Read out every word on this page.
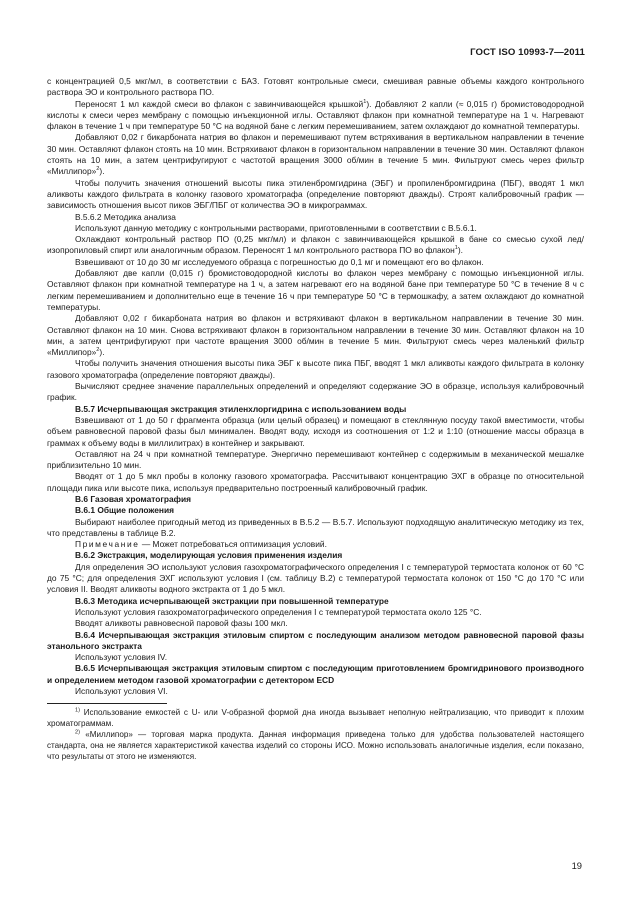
ГОСТ ISO 10993-7—2011

с концентрацией 0,5 мкг/мл, в соответствии с БАЗ. Готовят контрольные смеси, смешивая равные объемы каждого контрольного раствора ЭО и контрольного раствора ПО.

Переносят 1 мл каждой смеси во флакон с завинчивающейся крышкой$^1$). Добавляют 2 капли (≈ 0,015 г) бромистоводородной кислоты к смеси через мембрану с помощью инъекционной иглы. Оставляют флакон при комнатной температуре на 1 ч. Нагревают флакон в течение 1 ч при температуре 50 °С на водяной бане с легким перемешиванием, затем охлаждают до комнатной температуры.

Добавляют 0,02 г бикарбоната натрия во флакон и перемешивают путем встряхивания в вертикальном направлении в течение 30 мин. Оставляют флакон стоять на 10 мин. Встряхивают флакон в горизонтальном направлении в течение 30 мин. Оставляют флакон стоять на 10 мин, а затем центрифугируют с частотой вращения 3000 об/мин в течение 5 мин. Фильтруют смесь через фильтр «Миллипор»$^2$).

Чтобы получить значения отношений высоты пика этиленбромгидрина (ЭБГ) и пропиленбромгидрина (ПБГ), вводят 1 мкл аликвоты каждого фильтрата в колонку газового хроматографа (определение повторяют дважды). Строят калибровочный график — зависимость отношения высот пиков ЭБГ/ПБГ от количества ЭО в микрограммах.

В.5.6.2 Методика анализа

Используют данную методику с контрольными растворами, приготовленными в соответствии с В.5.6.1.

Охлаждают контрольный раствор ПО (0,25 мкг/мл) и флакон с завинчивающейся крышкой в бане со смесью сухой лед/изопропиловый спирт или аналогичным образом. Переносят 1 мл контрольного раствора ПО во флакон$^1$).

Взвешивают от 10 до 30 мг исследуемого образца с погрешностью до 0,1 мг и помещают его во флакон.

Добавляют две капли (0,015 г) бромистоводородной кислоты во флакон через мембрану с помощью инъекционной иглы. Оставляют флакон при комнатной температуре на 1 ч, а затем нагревают его на водяной бане при температуре 50 °С в течение 8 ч с легким перемешиванием и дополнительно еще в течение 16 ч при температуре 50 °С в термошкафу, а затем охлаждают до комнатной температуры.

Добавляют 0,02 г бикарбоната натрия во флакон и встряхивают флакон в вертикальном направлении в течение 30 мин. Оставляют флакон на 10 мин. Снова встряхивают флакон в горизонтальном направлении в течение 30 мин. Оставляют флакон на 10 мин, а затем центрифугируют при частоте вращения 3000 об/мин в течение 5 мин. Фильтруют смесь через маленький фильтр «Миллипор»$^2$).

Чтобы получить значения отношения высоты пика ЭБГ к высоте пика ПБГ, вводят 1 мкл аликвоты каждого фильтрата в колонку газового хроматографа (определение повторяют дважды).

Вычисляют среднее значение параллельных определений и определяют содержание ЭО в образце, используя калибровочный график.

В.5.7 Исчерпывающая экстракция этиленхлоргидрина с использованием воды

Взвешивают от 1 до 50 г фрагмента образца (или целый образец) и помещают в стеклянную посуду такой вместимости, чтобы объем равновесной паровой фазы был минимален. Вводят воду, исходя из соотношения от 1:2 и 1:10 (отношение массы образца в граммах к объему воды в миллилитрах) в контейнер и закрывают.

Оставляют на 24 ч при комнатной температуре. Энергично перемешивают контейнер с содержимым в механической мешалке приблизительно 10 мин.

Вводят от 1 до 5 мкл пробы в колонку газового хроматографа. Рассчитывают концентрацию ЭХГ в образце по относительной площади пика или высоте пика, используя предварительно построенный калибровочный график.

В.6 Газовая хроматография

В.6.1 Общие положения

Выбирают наиболее пригодный метод из приведенных в В.5.2 — В.5.7. Используют подходящую аналитическую методику из тех, что представлены в таблице В.2.

Примечание — Может потребоваться оптимизация условий.

В.6.2 Экстракция, моделирующая условия применения изделия

Для определения ЭО используют условия газохроматографического определения I с температурой термостата колонок от 60 °С до 75 °С; для определения ЭХГ используют условия I (см. таблицу В.2) с температурой термостата колонок от 150 °С до 170 °С или условия II. Вводят аликвоты водного экстракта от 1 до 5 мкл.

В.6.3 Методика исчерпывающей экстракции при повышенной температуре

Используют условия газохроматографического определения I с температурой термостата около 125 °С.

Вводят аликвоты равновесной паровой фазы 100 мкл.

В.6.4 Исчерпывающая экстракция этиловым спиртом с последующим анализом методом равновесной паровой фазы этанольного экстракта

Используют условия IV.

В.6.5 Исчерпывающая экстракция этиловым спиртом с последующим приготовлением бромгидринового производного и определением методом газовой хроматографии с детектором ЕСD

Используют условия VI.

$^{1)}$ Использование емкостей с U- или V-образной формой дна иногда вызывает неполную нейтрализацию, что приводит к плохим хроматограммам.

$^{2)}$ «Миллипор» — торговая марка продукта. Данная информация приведена только для удобства пользователей настоящего стандарта, она не является характеристикой качества изделий со стороны ИСО. Можно использовать аналогичные изделия, если показано, что результаты от этого не изменяются.

19
